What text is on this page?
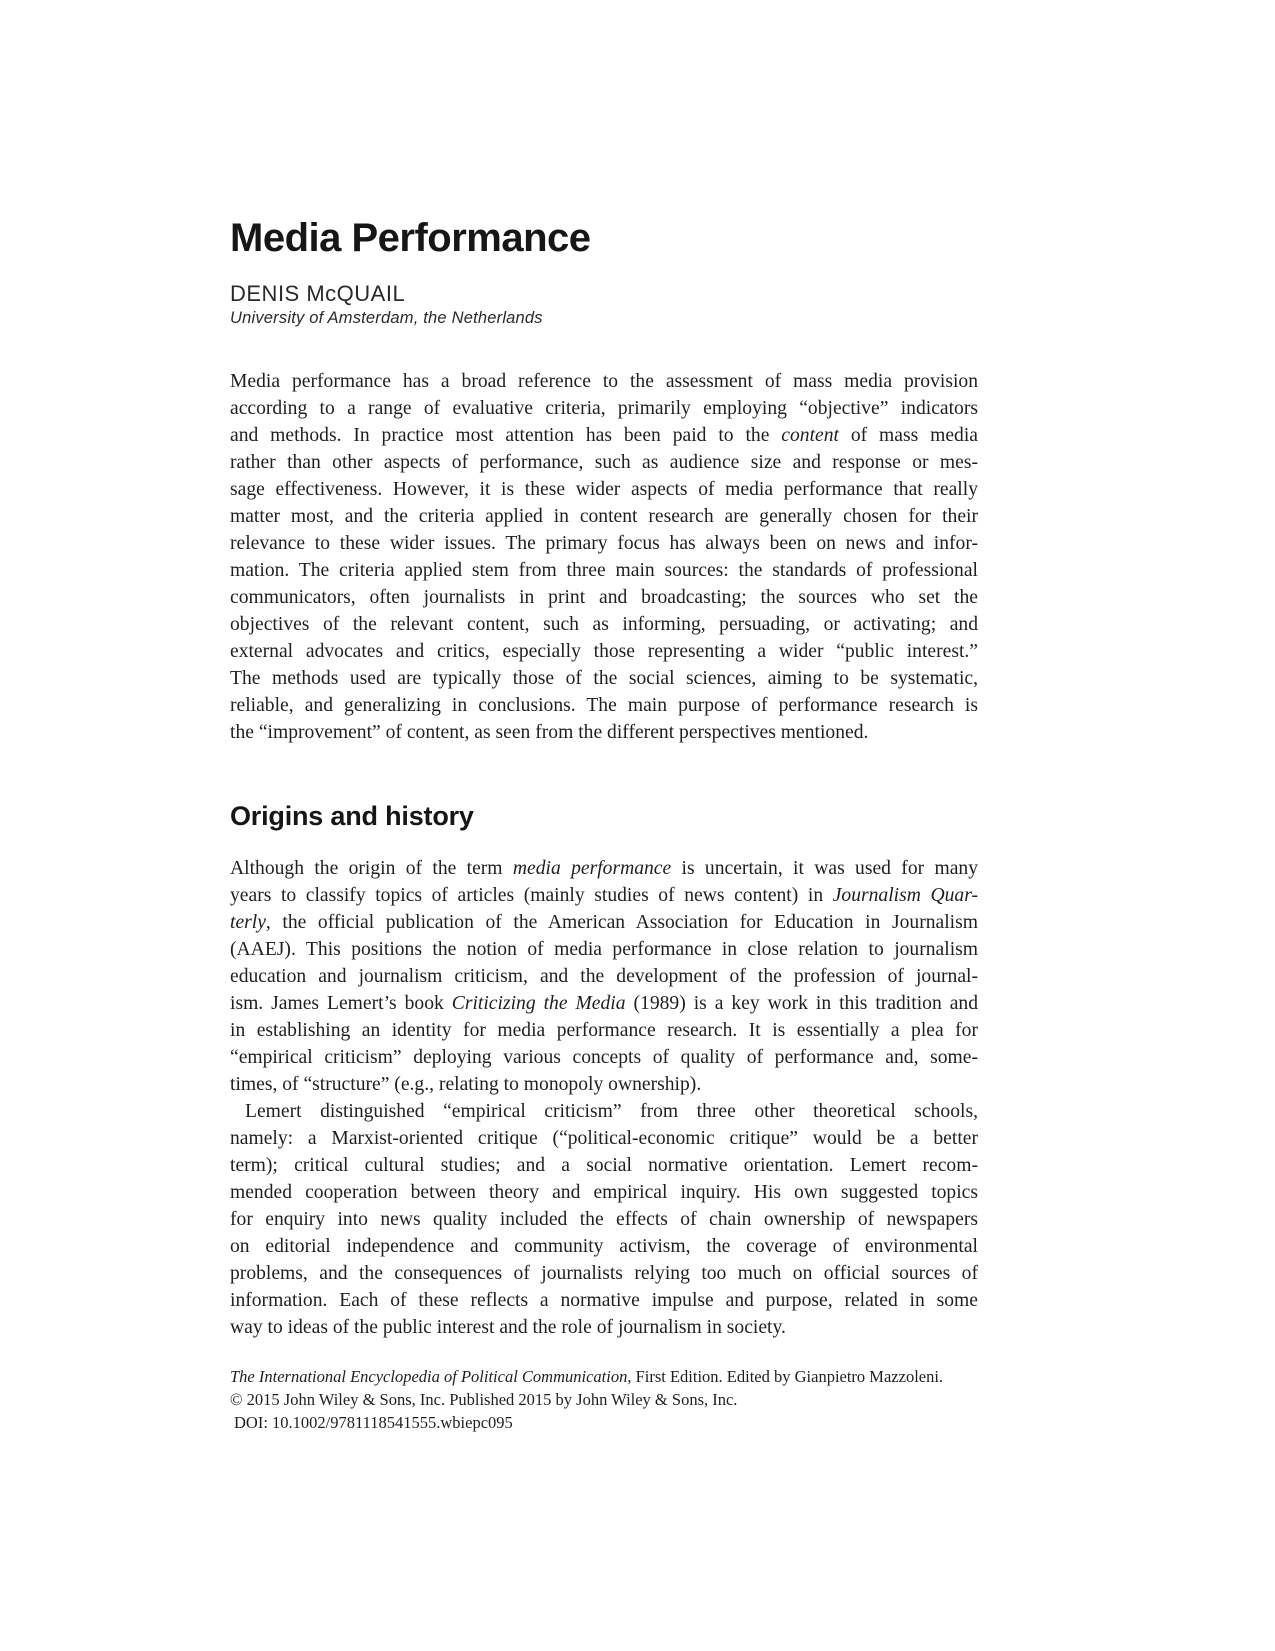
Media Performance
DENIS McQUAIL
University of Amsterdam, the Netherlands
Media performance has a broad reference to the assessment of mass media provision
according to a range of evaluative criteria, primarily employing “objective” indicators
and methods. In practice most attention has been paid to the content of mass media
rather than other aspects of performance, such as audience size and response or mes-
sage effectiveness. However, it is these wider aspects of media performance that really
matter most, and the criteria applied in content research are generally chosen for their
relevance to these wider issues. The primary focus has always been on news and infor-
mation. The criteria applied stem from three main sources: the standards of professional
communicators, often journalists in print and broadcasting; the sources who set the
objectives of the relevant content, such as informing, persuading, or activating; and
external advocates and critics, especially those representing a wider “public interest.”
The methods used are typically those of the social sciences, aiming to be systematic,
reliable, and generalizing in conclusions. The main purpose of performance research is
the “improvement” of content, as seen from the different perspectives mentioned.
Origins and history
Although the origin of the term media performance is uncertain, it was used for many
years to classify topics of articles (mainly studies of news content) in Journalism Quar-
terly, the official publication of the American Association for Education in Journalism
(AAEJ). This positions the notion of media performance in close relation to journalism
education and journalism criticism, and the development of the profession of journal-
ism. James Lemert’s book Criticizing the Media (1989) is a key work in this tradition and
in establishing an identity for media performance research. It is essentially a plea for
“empirical criticism” deploying various concepts of quality of performance and, some-
times, of “structure” (e.g., relating to monopoly ownership).
Lemert distinguished “empirical criticism” from three other theoretical schools,
namely: a Marxist-oriented critique (“political-economic critique” would be a better
term); critical cultural studies; and a social normative orientation. Lemert recom-
mended cooperation between theory and empirical inquiry. His own suggested topics
for enquiry into news quality included the effects of chain ownership of newspapers
on editorial independence and community activism, the coverage of environmental
problems, and the consequences of journalists relying too much on official sources of
information. Each of these reflects a normative impulse and purpose, related in some
way to ideas of the public interest and the role of journalism in society.
The International Encyclopedia of Political Communication, First Edition. Edited by Gianpietro Mazzoleni.
© 2015 John Wiley & Sons, Inc. Published 2015 by John Wiley & Sons, Inc.
DOI: 10.1002/9781118541555.wbiepc095
